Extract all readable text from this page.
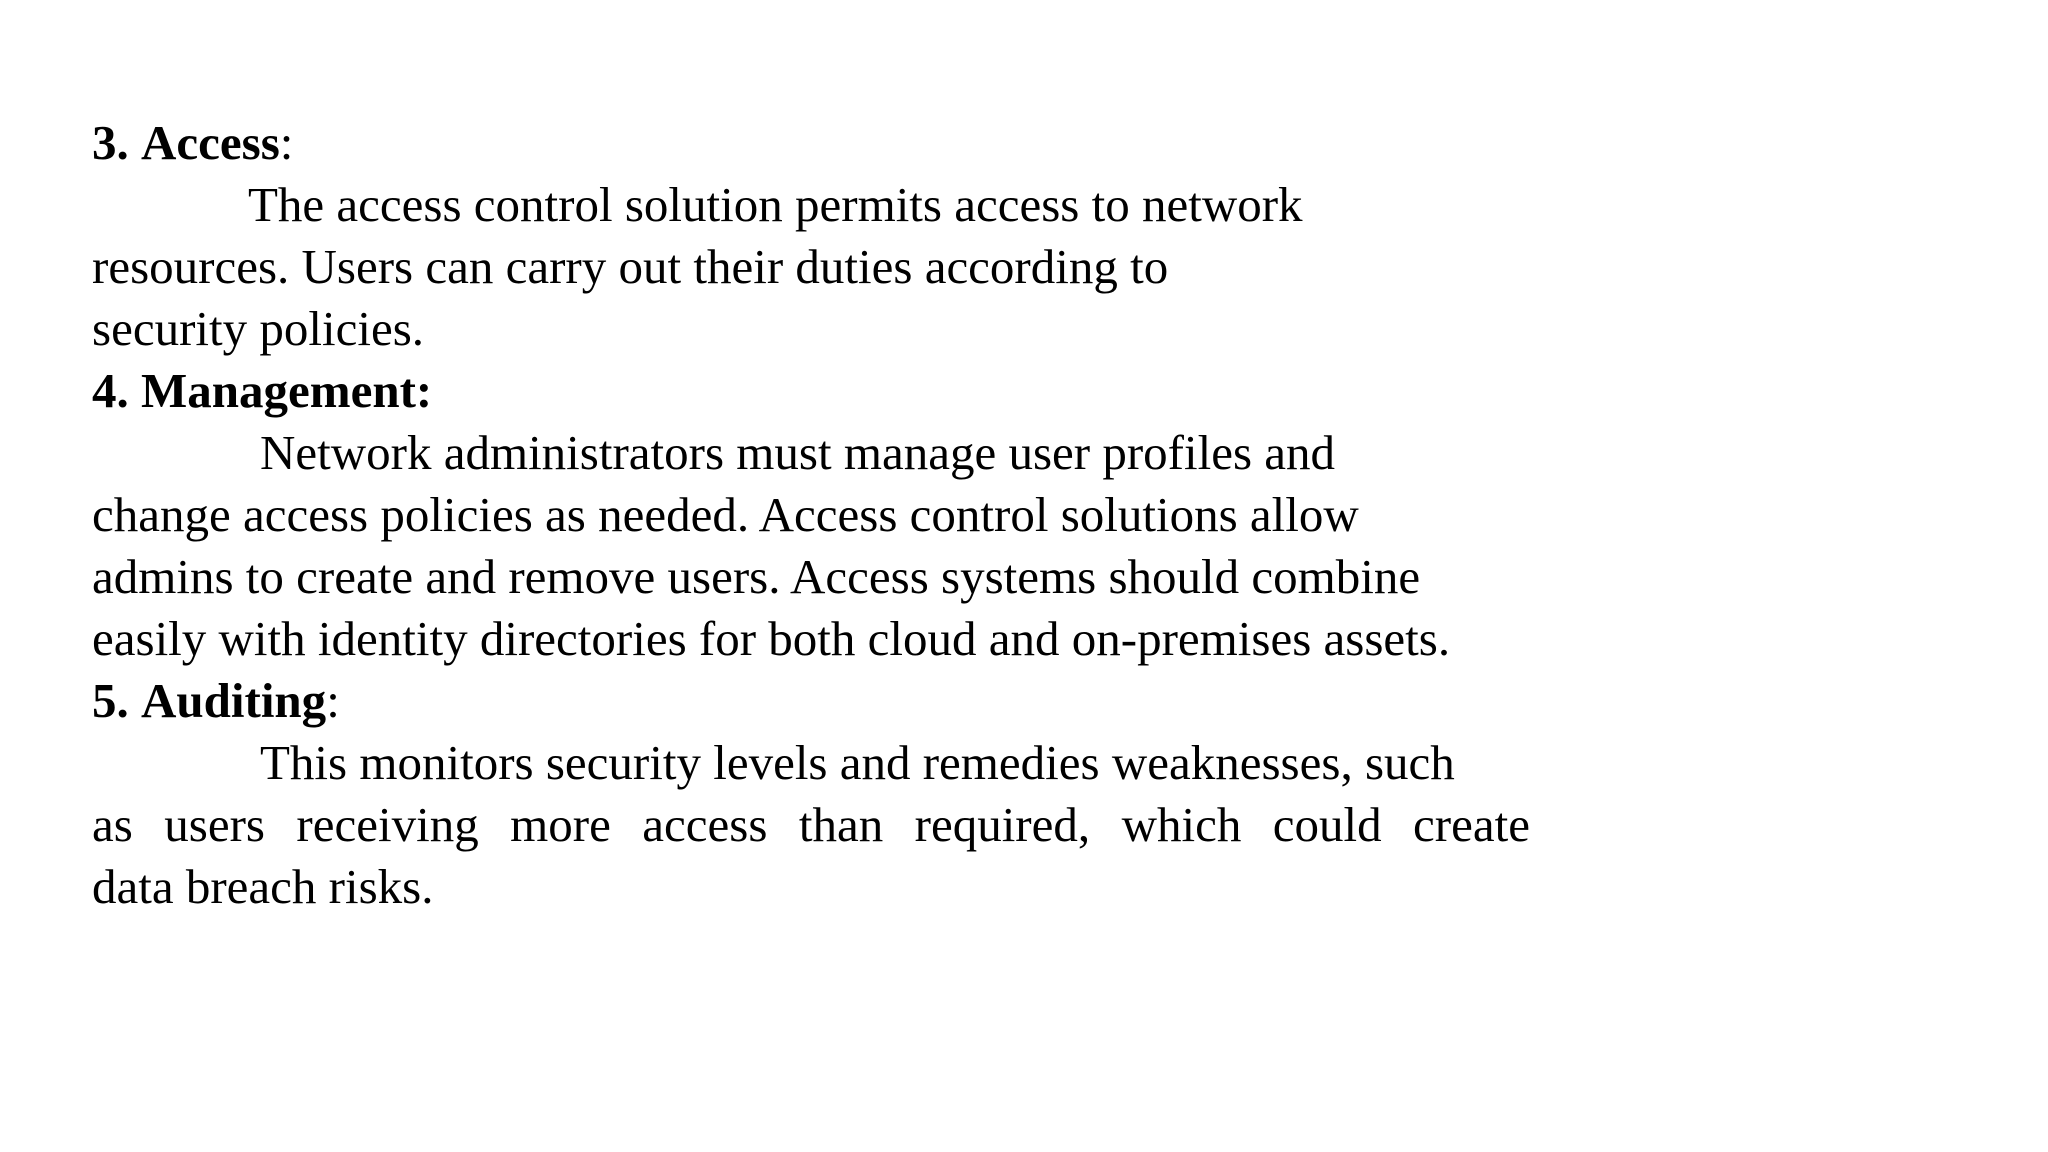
3. Access:
The access control solution permits access to network
resources. Users can carry out their duties according to
security policies.
4. Management:
Network administrators must manage user profiles and
change access policies as needed. Access control solutions allow
admins to create and remove users. Access systems should combine
easily with identity directories for both cloud and on-premises assets.
5. Auditing:
This monitors security levels and remedies weaknesses, such
as users receiving more access than required, which could create
data breach risks.
